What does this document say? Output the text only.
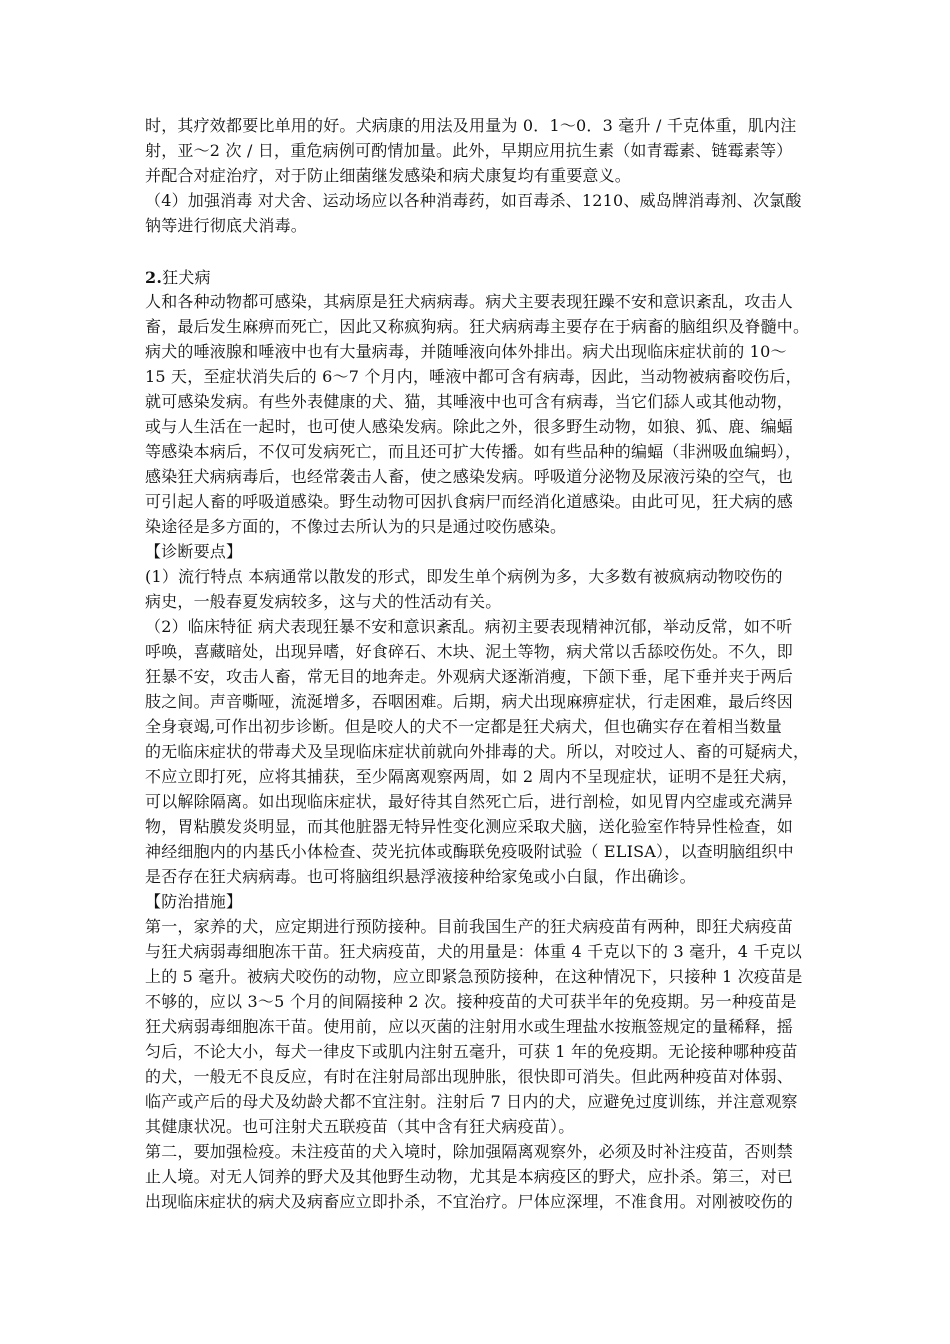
时，其疗效都要比单用的好。犬病康的用法及用量为 0．1～0．3 毫升 / 千克体重，肌内注
射，亚～2 次 / 日，重危病例可酌情加量。此外，早期应用抗生素（如青霉素、链霉素等）
并配合对症治疗，对于防止细菌继发感染和病犬康复均有重要意义。
（4）加强消毒 对犬舍、运动场应以各种消毒药，如百毒杀、1210、威岛牌消毒剂、次氯酸
钠等进行彻底犬消毒。
2.狂犬病
人和各种动物都可感染，其病原是狂犬病病毒。病犬主要表现狂躁不安和意识紊乱，攻击人
畜，最后发生麻痹而死亡，因此又称疯狗病。狂犬病病毒主要存在于病畜的脑组织及脊髓中。
病犬的唾液腺和唾液中也有大量病毒，并随唾液向体外排出。病犬出现临床症状前的 10～
15 天，至症状消失后的 6～7 个月内，唾液中都可含有病毒，因此，当动物被病畜咬伤后，
就可感染发病。有些外表健康的犬、猫，其唾液中也可含有病毒，当它们舔人或其他动物，
或与人生活在一起时，也可使人感染发病。除此之外，很多野生动物，如狼、狐、鹿、编蝠
等感染本病后，不仅可发病死亡，而且还可扩大传播。如有些品种的编蝠（非洲吸血编蚂），
感染狂犬病病毒后，也经常袭击人畜，使之感染发病。呼吸道分泌物及尿液污染的空气，也
可引起人畜的呼吸道感染。野生动物可因扒食病尸而经消化道感染。由此可见，狂犬病的感
染途径是多方面的，不像过去所认为的只是通过咬伤感染。
【诊断要点】
(1）流行特点 本病通常以散发的形式，即发生单个病例为多，大多数有被疯病动物咬伤的
病史，一般春夏发病较多，这与犬的性活动有关。
（2）临床特征 病犬表现狂暴不安和意识紊乱。病初主要表现精神沉郁，举动反常，如不听
呼唤，喜藏暗处，出现异嗜，好食碎石、木块、泥土等物，病犬常以舌舔咬伤处。不久，即
狂暴不安，攻击人畜，常无目的地奔走。外观病犬逐渐消瘦，下颌下垂，尾下垂并夹于两后
肢之间。声音嘶哑，流涎增多，吞咽困难。后期，病犬出现麻痹症状，行走困难，最后终因
全身衰竭,可作出初步诊断。但是咬人的犬不一定都是狂犬病犬，但也确实存在着相当数量
的无临床症状的带毒犬及呈现临床症状前就向外排毒的犬。所以，对咬过人、畜的可疑病犬，
不应立即打死，应将其捕获，至少隔离观察两周，如 2 周内不呈现症状，证明不是狂犬病，
可以解除隔离。如出现临床症状，最好待其自然死亡后，进行剖检，如见胃内空虚或充满异
物，胃粘膜发炎明显，而其他脏器无特异性变化测应采取犬脑，送化验室作特异性检查，如
神经细胞内的内基氏小体检查、荧光抗体或酶联免疫吸附试验（ ELISA），以查明脑组织中
是否存在狂犬病病毒。也可将脑组织悬浮液接种给家兔或小白鼠，作出确诊。
【防治措施】
第一，家养的犬，应定期进行预防接种。目前我国生产的狂犬病疫苗有两种，即狂犬病疫苗
与狂犬病弱毒细胞冻干苗。狂犬病疫苗，犬的用量是：体重 4 千克以下的 3 毫升，4 千克以
上的 5 毫升。被病犬咬伤的动物，应立即紧急预防接种，在这种情况下，只接种 1 次疫苗是
不够的，应以 3～5 个月的间隔接种 2 次。接种疫苗的犬可获半年的免疫期。另一种疫苗是
狂犬病弱毒细胞冻干苗。使用前，应以灭菌的注射用水或生理盐水按瓶签规定的量稀释，摇
匀后，不论大小，每犬一律皮下或肌内注射五毫升，可获 1 年的免疫期。无论接种哪种疫苗
的犬，一般无不良反应，有时在注射局部出现肿胀，很快即可消失。但此两种疫苗对体弱、
临产或产后的母犬及幼龄犬都不宜注射。注射后 7 日内的犬，应避免过度训练，并注意观察
其健康状况。也可注射犬五联疫苗（其中含有狂犬病疫苗）。
第二，要加强检疫。未注疫苗的犬入境时，除加强隔离观察外，必须及时补注疫苗，否则禁
止人境。对无人饲养的野犬及其他野生动物，尤其是本病疫区的野犬，应扑杀。第三，对已
出现临床症状的病犬及病畜应立即扑杀，不宜治疗。尸体应深埋，不准食用。对刚被咬伤的
